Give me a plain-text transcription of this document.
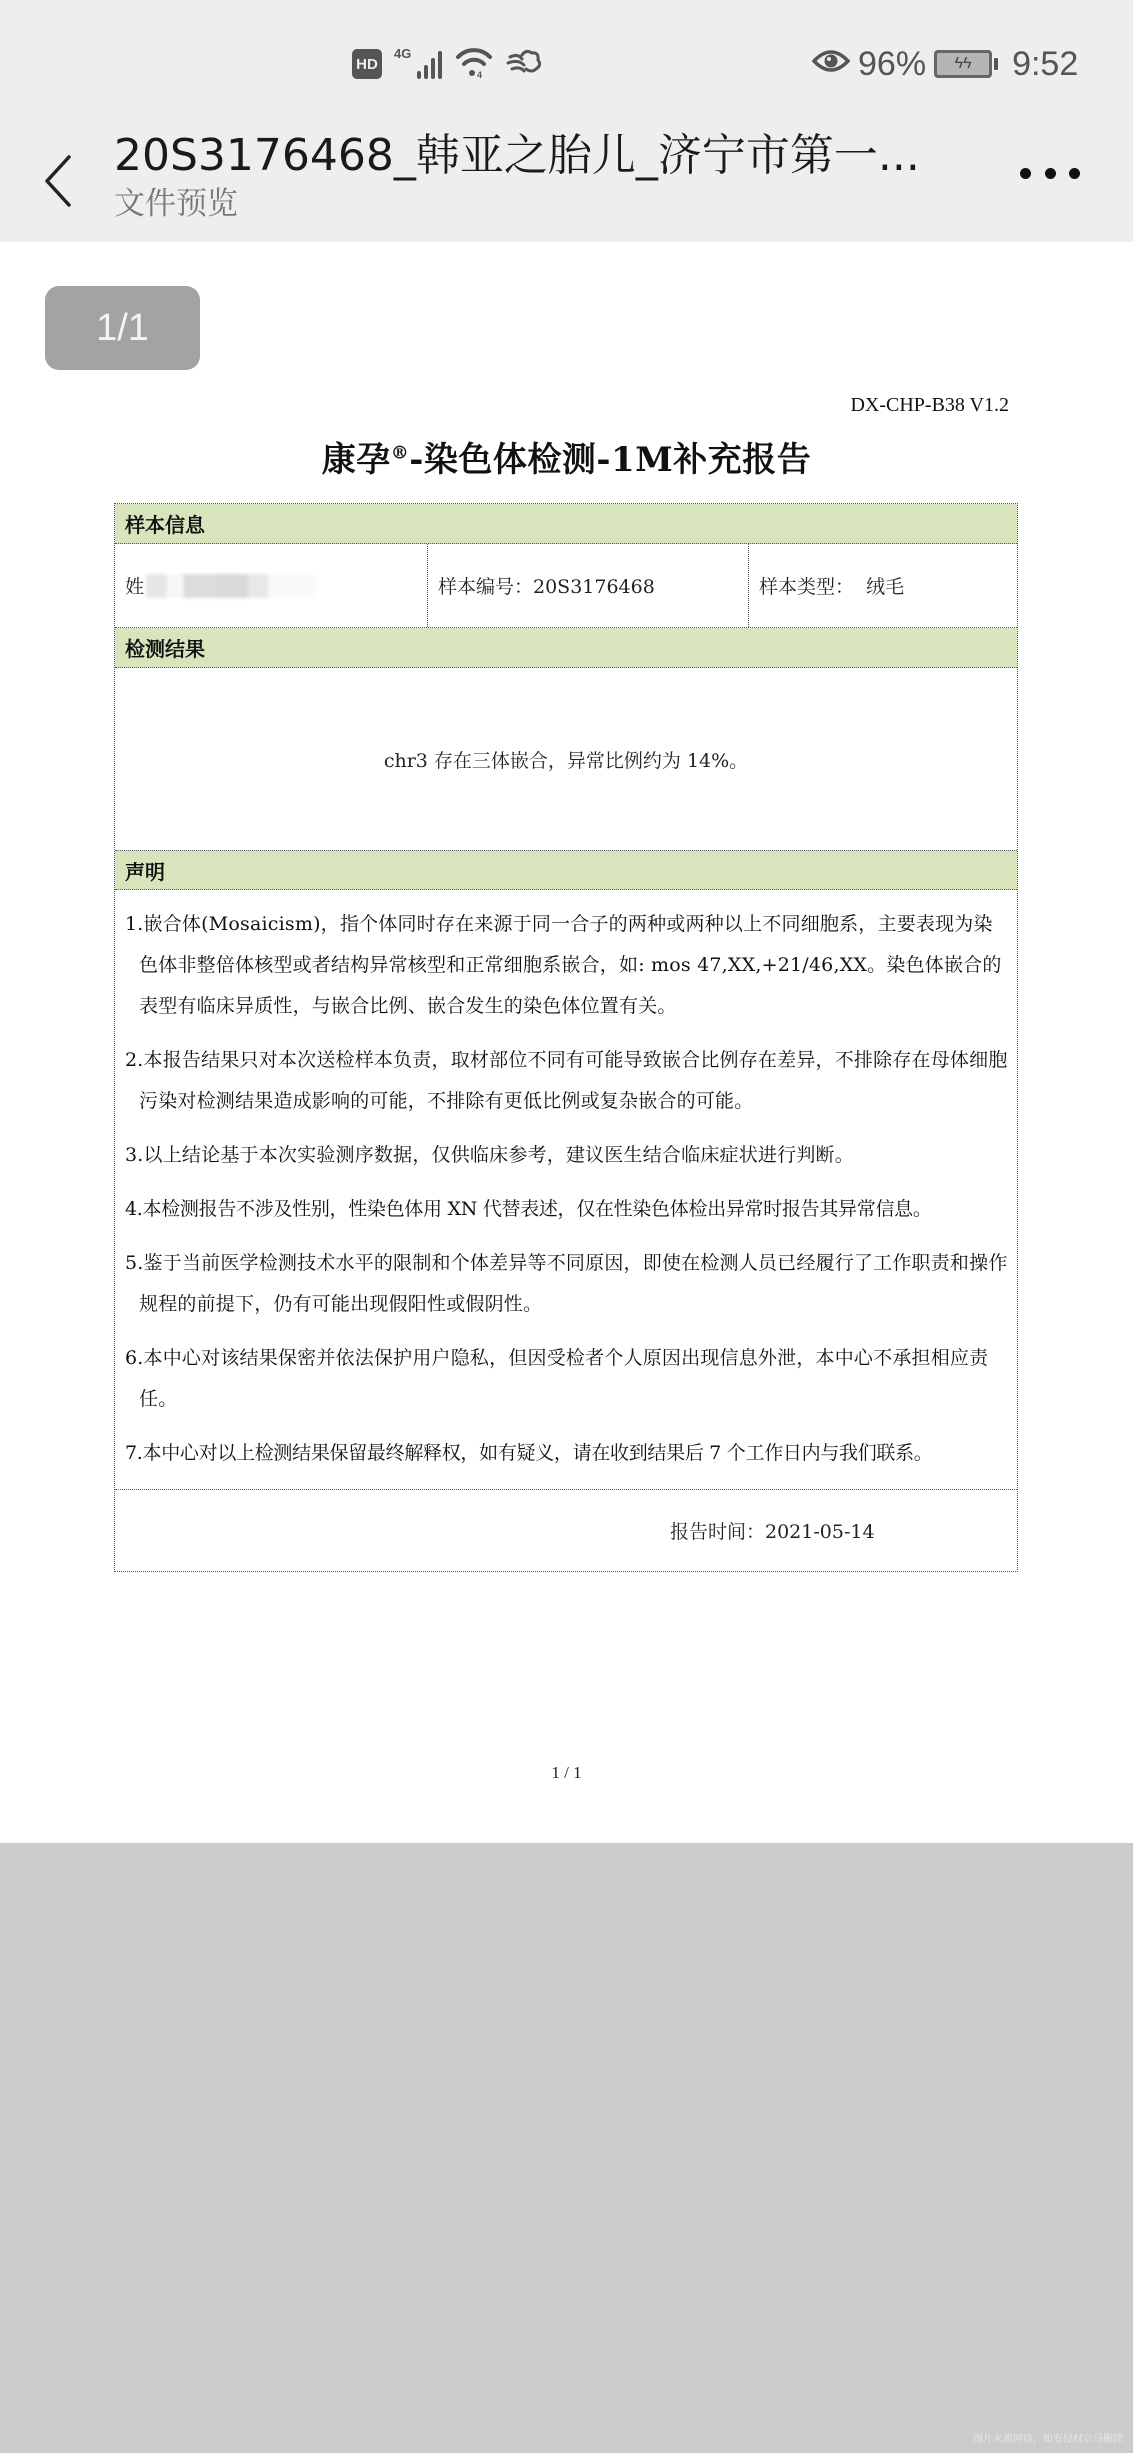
HD
4G
4	96%	ϟϟ	9:52
20S3176468_韩亚之胎儿_济宁市第一...
文件预览
1/1
DX-CHP-B38 V1.2
康孕®-染色体检测-1M补充报告
样本信息
姓	样本编号：20S3176468	样本类型：  绒毛
检测结果
chr3 存在三体嵌合，异常比例约为 14%。
声明

1.嵌合体(Mosaicism)，指个体同时存在来源于同一合子的两种或两种以上不同细胞系，主要表现为染色体非整倍体核型或者结构异常核型和正常细胞系嵌合，如: mos 47,XX,+21/46,XX。染色体嵌合的表型有临床异质性，与嵌合比例、嵌合发生的染色体位置有关。

2.本报告结果只对本次送检样本负责，取材部位不同有可能导致嵌合比例存在差异，不排除存在母体细胞污染对检测结果造成影响的可能，不排除有更低比例或复杂嵌合的可能。

3.以上结论基于本次实验测序数据，仅供临床参考，建议医生结合临床症状进行判断。

4.本检测报告不涉及性别，性染色体用 XN 代替表述，仅在性染色体检出异常时报告其异常信息。

5.鉴于当前医学检测技术水平的限制和个体差异等不同原因，即使在检测人员已经履行了工作职责和操作规程的前提下，仍有可能出现假阳性或假阴性。

6.本中心对该结果保密并依法保护用户隐私，但因受检者个人原因出现信息外泄，本中心不承担相应责任。

7.本中心对以上检测结果保留最终解释权，如有疑义，请在收到结果后 7 个工作日内与我们联系。

报告时间：2021-05-14
1 / 1
图片来源网络，如有侵权立马删除
